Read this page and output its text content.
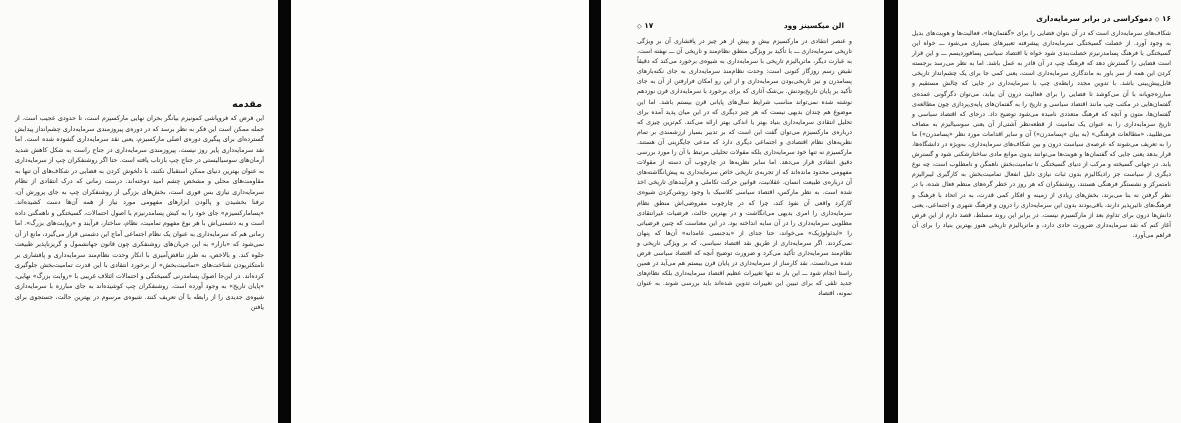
مقدمه

این فرض که فروپاشی کمونیزم بیانگر بحران نهایی مارکسیزم است، تا حدودی عجیب است. از جمله ممکن است این فکر به نظر برسد که در دوره‌ی پیروزمندی سرمایه‌داری چشم‌انداز پیدایش گسترده‌ای برای پیگیری دوره‌ی اصلی مارکسیزم، یعنی نقد سرمایه‌داری گشوده شده است. اما نقد سرمایه‌داری پایر روز نیست. پیروزمندی سرمایه‌داری در جناح راست به شکل کاهش شدید آرمان‌های سوسیالیستی در جناح چپ بازتاب یافته است. حتا اگر روشنفکران چپ از سرمایه‌داری به عنوان بهترین دنیای ممکن استقبال نکنند، با دلخوش کردن به فضایی در شکاف‌های آن تنها به مقاومت‌های محلی و مشخص چشم امید دوخته‌اند. درست زمانی که درک انتقادی از نظام سرمایه‌داری نیازی بس فوری است، بخش‌های بزرگی از روشنفکران چپ به جای پرورش آن، ترفنا بخشیدن و پالودن ابزارهای مفهومی مورد نیاز از همه آن‌ها دست کشیده‌اند. «پسامارکسیزم» جای خود را به کیش پسامدرنیزم با اصول احتمالات، گسیختگی و ناهمگنی داده است و به دشمنی‌اش با هر نوع مفهوم تمامیت، نظام، ساختار، فرآیند و «روایت‌های بزرگ». اما زمانی هم که سرمایه‌داری به عنوان یک نظام اجتماعی آماج این دشمنی قرار می‌گیرد، مانع از آن نمی‌شود که «بازار» به این جریان‌های روشنفکری چون قانون جهانشمول و گریزناپذیر طبیعت جلوه کند. و بالاخص، به طرز تناقض‌آمیزی با انکار وحدت نظام‌مند سرمایه‌داری و پافشاری بر نامتکثریودن شناخت‌های «تمامیت‌بخش» از برخورد انتقادی با این قدرت تمامیت‌بخش جلوگیری کرده‌اند. در این‌جا اصول پسامدرنی گسیختگی و احتمالات ائتلاف غریبی با «روایت بزرگ» نهایی، «پایان تاریخ» به وجود آورده است. روشنفکران چپ کوشیده‌اند به جای مبارزه با سرمایه‌داری شیوه‌ی جدیدی را از رابطه با آن تعریف کنند. شیوه‌ی مرسوم در بهترین حالت، جستجوی برای یافتن

الن میکسینز وود
۱۷ ◇

و عنصر انتقادی در مارکسیزم بیش و پیش از هر چیز در پافشاری آن بر ویژگی تاریخی سرمایه‌داری ـــ با تأکید بر ویژگی منطق نظام‌مند و تاریخی آن ـــ نهفته است. به عبارت دیگر، ماتریالیزم تاریخی با سرمایه‌داری به شیوه‌ی برخورد می‌کند که دقیقاً نقیض رسم روزگار کنونی است: وحدت نظام‌مند سرمایه‌داری به جای نکته‌بارهای پسامدرن و نیز تاریخی‌بودن سرمایه‌داری و از این رو امکان فرارفتن از آن به جای تأکید بر پایان تاریخ‌بودنش. بی‌شک آثاری که برای برخورد با سرمایه‌داری قرن نوزدهم نوشته شده نمی‌تواند مناسب شرایط سال‌های پایانی قرن بیستم باشد. اما این موضوع هم چندان بدیهی نیست که هر چیز دیگری که در این میان پدید آمده برای تحلیل انتقادی سرمایه‌داری بنیاد بهتر یا اندکی بهتر ارائه می‌کند. کم‌ترین چیزی که درباره‌ی مارکسیزم می‌توان گفت این است که بر تدبیر بسیار ارزشمندی بر تمام نظریه‌های نظام اقتصادی و اجتماعی دیگری دارد که مدعی جایگزینی آن هستند. مارکسیزم نه تنها خود سرمایه‌داری بلکه مقولات تحلیلی مرتبط با آن را مورد بررسی دقیق انتقادی قرار می‌دهد. اما سایر نظریه‌ها در چارچوب آن دسته از مقولات مفهومی محدود مانده‌اند که از تجربه‌ی تاریخی خاص سرمایه‌داری به پیش‌انگاشته‌های آن درباره‌ی طبیعت انسان، عقلانیت، قوانین حرکت تکاملی و فرآیندهای تاریخی اخذ شده است. به نظر مارکس، اقتصاد سیاسی کلاسیک با وجود روشن‌کردن شیوه‌ی کارکرد واقعی آن نفوذ کند، چرا که در چارچوب مفروضی‌اش منطق نظام سرمایه‌داری را امری بدیهی می‌انگاشت و در بهترین حالت، فرضیات غیرانتقادی مطلوبی سرمایه‌داری را در آن سایه انداخته بود. در این معناست که چنین فرضیاتی را «ایدئولوژیک» می‌خواند، حتا جدای از «بدجنسی عامدانه» آن‌ها که پنهان نمی‌کردند. اگر سرمایه‌داری از طریق نقد اقتصاد سیاسی، که بر ویژگی تاریخی و نظام‌مند سرمایه‌داری تأکید می‌کرد و ضرورت توضیح آنچه که اقتصاد سیاسی فرض شده می‌دانست. نقد کارساز از سرمایه‌داری در پایان قرن بیستم هم می‌آید در همین راستا انجام شود ـــ این بار نه تنها تغییرات عظیم اقتصاد سرمایه‌داری بلکه نظام‌های جدید تلقی که برای تبیین این تغییرات تدوین شده‌اند باید بررسی شوند. به عنوان نمونه، اقتصاد

۱۶ ◇ دموکراسی در برابر سرمایه‌داری

شکاف‌های سرمایه‌داری است که در آن بتوان فضایی را برای «گفتمان‌ها»، فعالیت‌ها و هویت‌های بدیل به وجود آورد. از خصلت گسیختگی سرمایه‌داری پیشرفته تعبیرهای بسیاری می‌شود ـــ خواه این گسیختگی با فرهنگ پسامدرنیزم خصلت‌بندی شود خواه با اقتصاد سیاسی پسافوردیسم ـــ و این قرار است فضایی را گسترش دهد که فرهنگ چپ در آن قادر به عمل باشد. اما به نظر می‌رسد برجسته کردن این همه از سر باور به ماندگاری سرمایه‌داری است، یعنی کمی جا برای یک چشم‌انداز تاریخی قابل‌پیش‌بینی باشد. با تدوین مجدد رابطه‌ی چپ با سرمایه‌داری در جایی که چالش مستقیم و مبارزه‌جویانه با آن می‌کوشد تا فضایی را برای فعالیت درون آن بیابد، می‌توان دگرگونی عمده‌ی گفتمان‌هایی در مکتب چپ مانند اقتصاد سیاسی و تاریخ را به گفتمان‌های پایه‌ی‌پردازی چون مطالعه‌ی گفتمان‌ها، متون و آنچه که فرهنگ متعددی نامیده می‌شود توضیح داد. درجای که اقتصاد سیاسی و تاریخ سرمایه‌داری را به عنوان یک تمامیت از قطعه‌نظر آشتی‌از آن یعنی سوسیالیزم به مصاف می‌طلبید، «مطالعات فرهنگی» (به بیان «پسامدرن») آن و سایر اقدامات مورد نظر «پسامدرن») ما را به تعریف می‌شوند که عرصه‌ی سیاست درون و بین شکاف‌های سرمایه‌داری، به‌ویژه در دانشگاه‌ها، قرار بدهد یعنی جایی که گفتمان‌ها و هویت‌ها می‌توانند بدون موانع مادی ساختارشکنی شود و گسترش یابد. در جهانی گسیخته و مرکب از دنیای گسیختگی تا تمامیت‌بخش ناهمگن و نامطلوب است، چه نوع دیگری از سیاست جز رادیکالیزم بدون ثبات نیازی دلیل انفعال تمامیت‌بخش به کارگیری لیبرالیزم نامتمرکز و نشستگر فرهنگی هستند، روشنفکران که هر روز در خطر گره‌های منظم فعال شده، با در نظر گرفتن نه بنا می‌برند، بخش‌های زیادی از زمینه و افکار کمی قدرت، به در اتحاد با فرهنگ و فرهنگ‌های تاثیرپذیر دارند، باقی‌بودند بدون این سرمایه‌داری را درون و فرهنگ شهری و اجتماعی، یعنی دانش‌ها درون برای تداوم بعد از مارکسیزم نیست. در برابر این روند مسلط، قصد دارم از این فرض آغاز کنم که نقد سرمایه‌داری ضرورت حادی دارد، و ماتریالیزم تاریخی هنوز بهترین بنیاد را برای آن فراهم می‌آورد.
